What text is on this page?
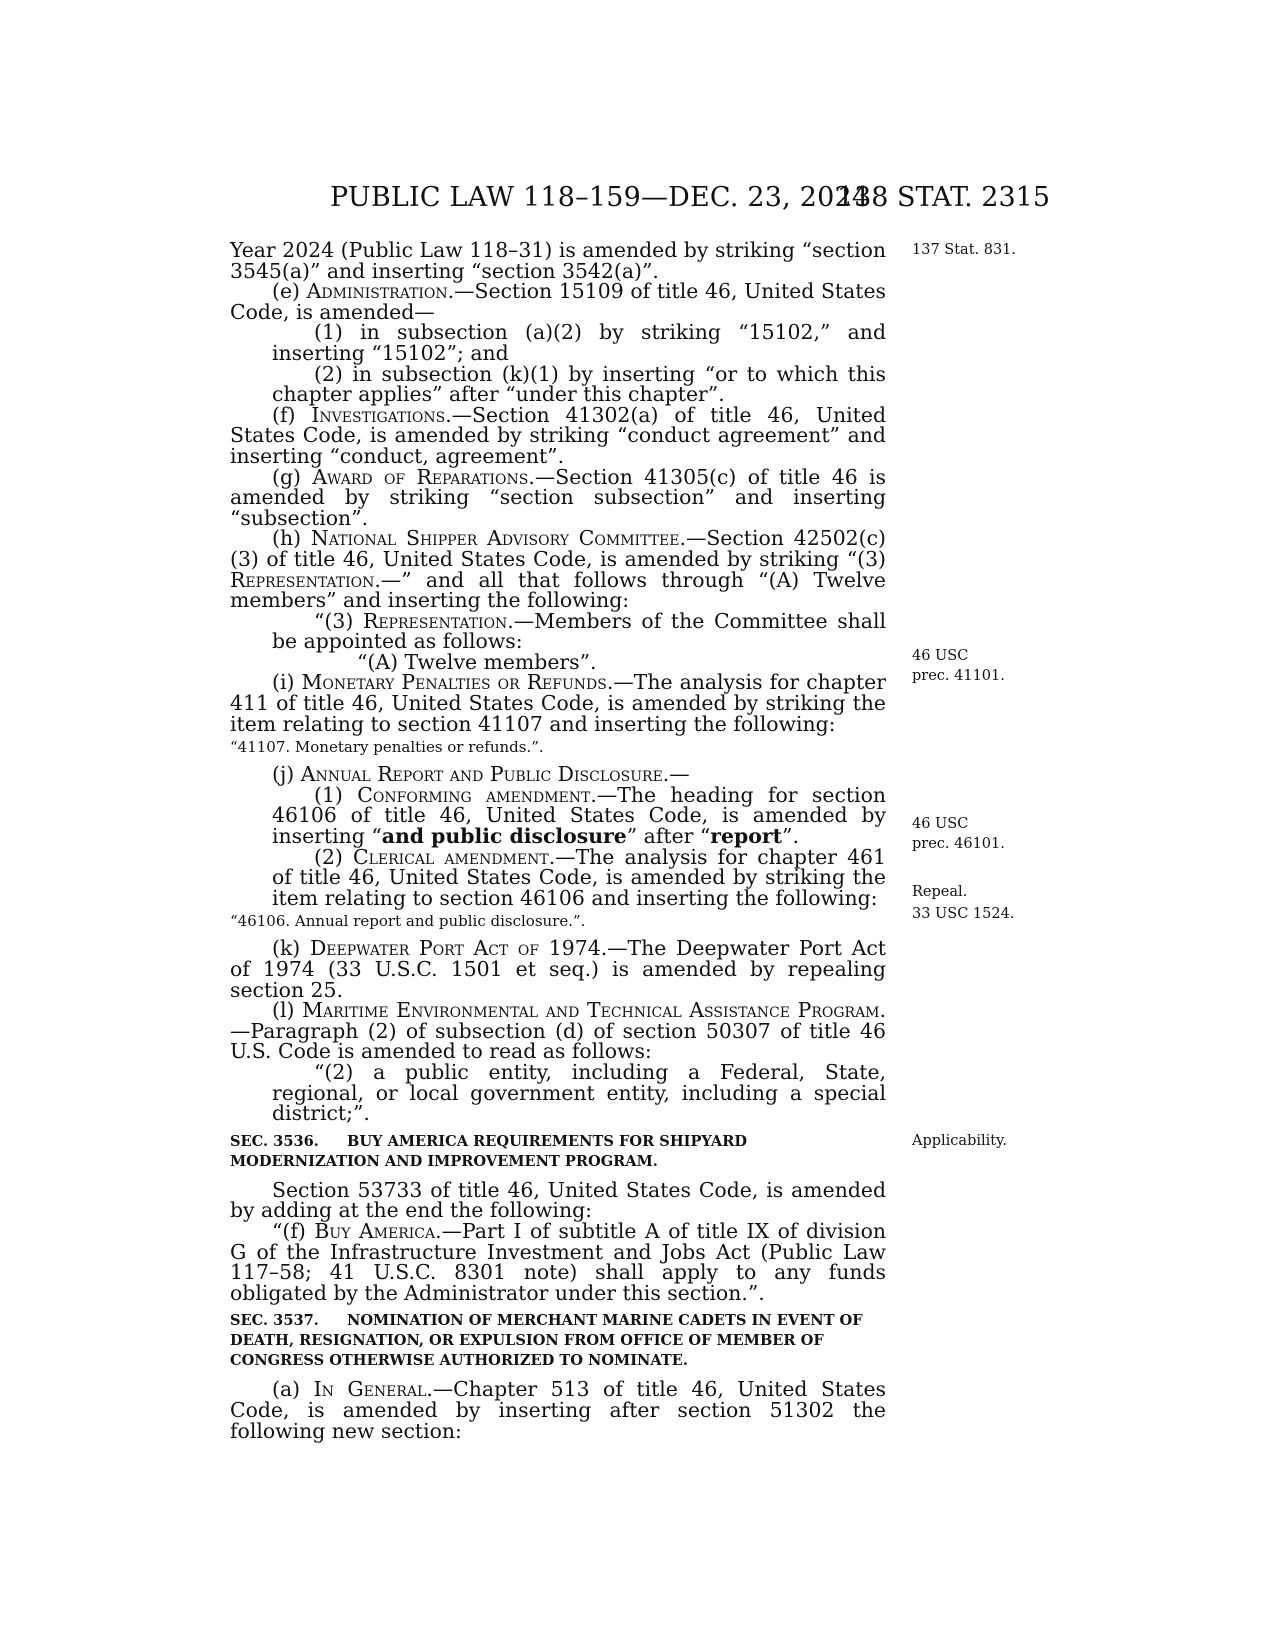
PUBLIC LAW 118–159—DEC. 23, 2024
138 STAT. 2315
137 Stat. 831.
46 USC
prec. 41101.
46 USC
prec. 46101.
Repeal.
33 USC 1524.
Applicability.

Year 2024 (Public Law 118–31) is amended by striking “section 3545(a)” and inserting “section 3542(a)”.

(e) Administration.—Section 15109 of title 46, United States Code, is amended—

(1) in subsection (a)(2) by striking “15102,” and inserting “15102”; and

(2) in subsection (k)(1) by inserting “or to which this chapter applies” after “under this chapter”.

(f) Investigations.—Section 41302(a) of title 46, United States Code, is amended by striking “conduct agreement” and inserting “conduct, agreement”.

(g) Award of Reparations.—Section 41305(c) of title 46 is amended by striking “section subsection” and inserting “subsection”.

(h) National Shipper Advisory Committee.—Section 42502(c)(3) of title 46, United States Code, is amended by striking “(3) Representation.—” and all that follows through “(A) Twelve members” and inserting the following:

“(3) Representation.—Members of the Committee shall be appointed as follows:

“(A) Twelve members”.

(i) Monetary Penalties or Refunds.—The analysis for chapter 411 of title 46, United States Code, is amended by striking the item relating to section 41107 and inserting the following:

“41107. Monetary penalties or refunds.”.

(j) Annual Report and Public Disclosure.—

(1) Conforming amendment.—The heading for section 46106 of title 46, United States Code, is amended by inserting “and public disclosure” after “report”.

(2) Clerical amendment.—The analysis for chapter 461 of title 46, United States Code, is amended by striking the item relating to section 46106 and inserting the following:

“46106. Annual report and public disclosure.”.

(k) Deepwater Port Act of 1974.—The Deepwater Port Act of 1974 (33 U.S.C. 1501 et seq.) is amended by repealing section 25.

(l) Maritime Environmental and Technical Assistance Program.—Paragraph (2) of subsection (d) of section 50307 of title 46 U.S. Code is amended to read as follows:

“(2) a public entity, including a Federal, State, regional, or local government entity, including a special district;”.

SEC. 3536. BUY AMERICA REQUIREMENTS FOR SHIPYARD MODERNIZATION AND IMPROVEMENT PROGRAM.

Section 53733 of title 46, United States Code, is amended by adding at the end the following:

“(f) Buy America.—Part I of subtitle A of title IX of division G of the Infrastructure Investment and Jobs Act (Public Law 117–58; 41 U.S.C. 8301 note) shall apply to any funds obligated by the Administrator under this section.”.

SEC. 3537. NOMINATION OF MERCHANT MARINE CADETS IN EVENT OF DEATH, RESIGNATION, OR EXPULSION FROM OFFICE OF MEMBER OF CONGRESS OTHERWISE AUTHORIZED TO NOMINATE.

(a) In General.—Chapter 513 of title 46, United States Code, is amended by inserting after section 51302 the following new section:
